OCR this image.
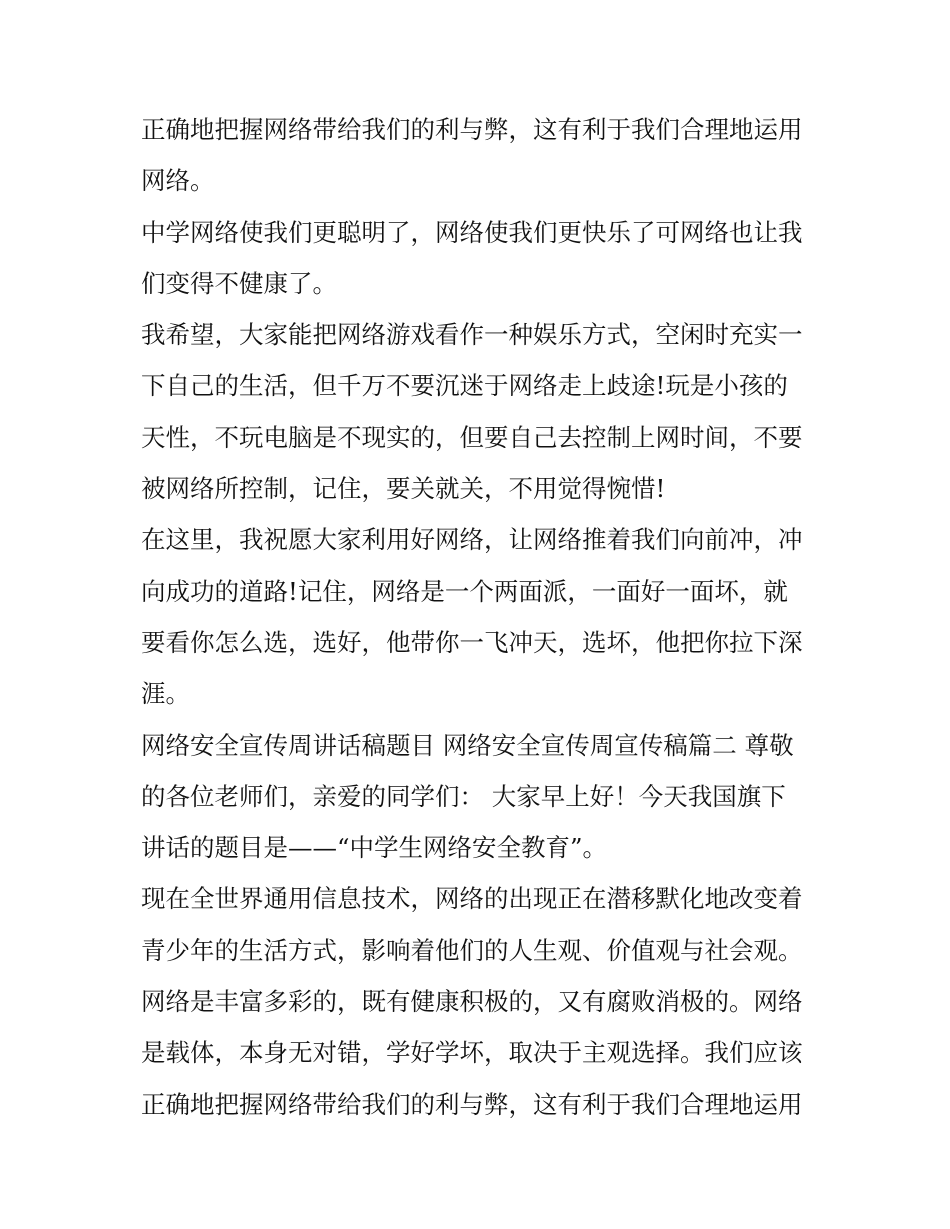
正确地把握网络带给我们的利与弊，这有利于我们合理地运用
网络。
中学网络使我们更聪明了，网络使我们更快乐了可网络也让我
们变得不健康了。
我希望，大家能把网络游戏看作一种娱乐方式，空闲时充实一
下自己的生活，但千万不要沉迷于网络走上歧途!玩是小孩的
天性，不玩电脑是不现实的，但要自己去控制上网时间，不要
被网络所控制，记住，要关就关，不用觉得惋惜!
在这里，我祝愿大家利用好网络，让网络推着我们向前冲，冲
向成功的道路!记住，网络是一个两面派，一面好一面坏，就
要看你怎么选，选好，他带你一飞冲天，选坏，他把你拉下深
涯。
网络安全宣传周讲话稿题目 网络安全宣传周宣传稿篇二 尊敬
的各位老师们，亲爱的同学们： 大家早上好！今天我国旗下
讲话的题目是——“中学生网络安全教育”。
现在全世界通用信息技术，网络的出现正在潜移默化地改变着
青少年的生活方式，影响着他们的人生观、价值观与社会观。
网络是丰富多彩的，既有健康积极的，又有腐败消极的。网络
是载体，本身无对错，学好学坏，取决于主观选择。我们应该
正确地把握网络带给我们的利与弊，这有利于我们合理地运用
